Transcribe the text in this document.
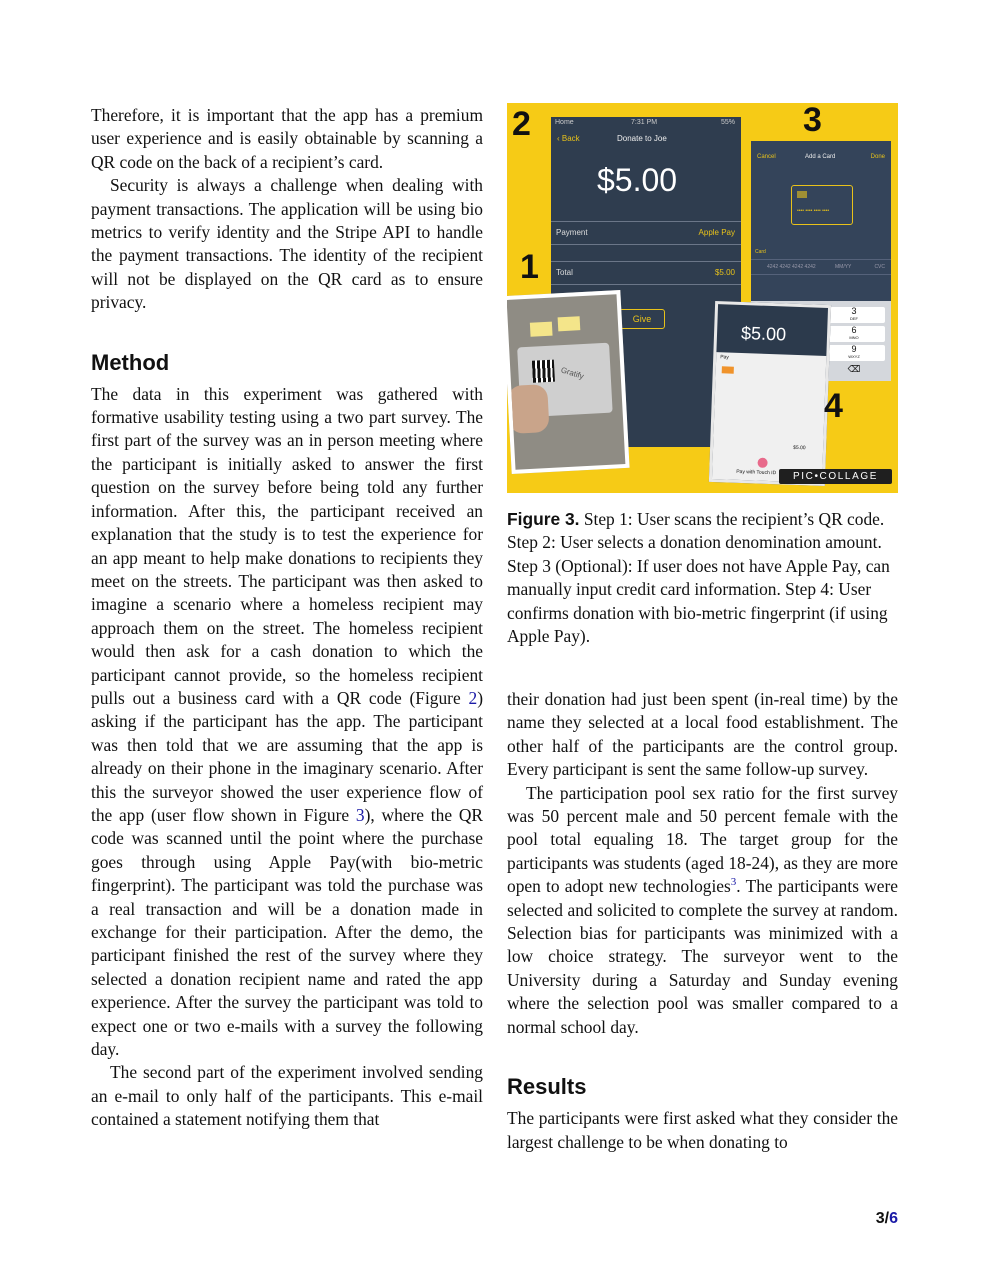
Therefore, it is important that the app has a premium user experience and is easily obtainable by scanning a QR code on the back of a recipient’s card.

Security is always a challenge when dealing with payment transactions. The application will be using bio metrics to verify identity and the Stripe API to handle the payment transactions. The identity of the recipient will not be displayed on the QR card as to ensure privacy.

Method

The data in this experiment was gathered with formative usability testing using a two part survey. The first part of the survey was an in person meeting where the participant is initially asked to answer the first question on the survey before being told any further information. After this, the participant received an explanation that the study is to test the experience for an app meant to help make donations to recipients they meet on the streets. The participant was then asked to imagine a scenario where a homeless recipient may approach them on the street. The homeless recipient would then ask for a cash donation to which the participant cannot provide, so the homeless recipient pulls out a business card with a QR code (Figure 2) asking if the participant has the app. The participant was then told that we are assuming that the app is already on their phone in the imaginary scenario. After this the surveyor showed the user experience flow of the app (user flow shown in Figure 3), where the QR code was scanned until the point where the purchase goes through using Apple Pay(with bio-metric fingerprint). The participant was told the purchase was a real transaction and will be a donation made in exchange for their participation. After the demo, the participant finished the rest of the survey where they selected a donation recipient name and rated the app experience. After the survey the participant was told to expect one or two e-mails with a survey the following day.

The second part of the experiment involved sending an e-mail to only half of the participants. This e-mail contained a statement notifying them that

Home	7:31 PM	55%
‹ Back	Donate to Joe
$5.00
Payment	Apple Pay
Total	$5.00
Give
Cancel	Add a Card	Done
•••• •••• •••• ••••
Card
4242 4242 4242 4242	MM/YY	CVC
3
DEF
6
MNO
9
WXYZ
⌫
Gratify
$5.00
Pay
$5.00
Pay with Touch ID
2	3
1
4
PIC•COLLAGE
Figure 3. Step 1: User scans the recipient’s QR code. Step 2: User selects a donation denomination amount. Step 3 (Optional): If user does not have Apple Pay, can manually input credit card information. Step 4: User confirms donation with bio-metric fingerprint (if using Apple Pay).

their donation had just been spent (in-real time) by the name they selected at a local food establishment. The other half of the participants are the control group. Every participant is sent the same follow-up survey.

The participation pool sex ratio for the first survey was 50 percent male and 50 percent female with the pool total equaling 18. The target group for the participants was students (aged 18-24), as they are more open to adopt new technologies$^3$. The participants were selected and solicited to complete the survey at random. Selection bias for participants was minimized with a low choice strategy. The surveyor went to the University during a Saturday and Sunday evening where the selection pool was smaller compared to a normal school day.

Results

The participants were first asked what they consider the largest challenge to be when donating to

3/6
